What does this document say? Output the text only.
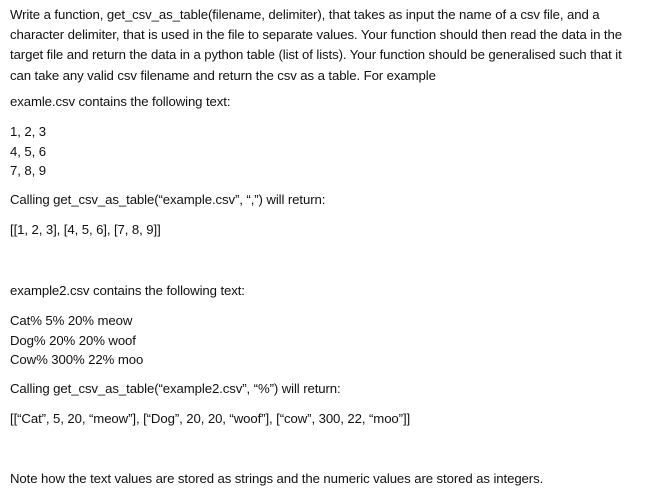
Write a function, get_csv_as_table(filename, delimiter), that takes as input the name of a csv file, and a
character delimiter, that is used in the file to separate values. Your function should then read the data in the
target file and return the data in a python table (list of lists). Your function should be generalised such that it
can take any valid csv filename and return the csv as a table. For example
examle.csv contains the following text:
1, 2, 3
4, 5, 6
7, 8, 9
Calling get_csv_as_table(“example.csv”, “,”) will return:
[[1, 2, 3], [4, 5, 6], [7, 8, 9]]
example2.csv contains the following text:
Cat% 5% 20% meow
Dog% 20% 20% woof
Cow% 300% 22% moo
Calling get_csv_as_table(“example2.csv”, “%”) will return:
[[“Cat”, 5, 20, “meow”], [“Dog”, 20, 20, “woof”], [“cow”, 300, 22, “moo”]]
Note how the text values are stored as strings and the numeric values are stored as integers.
